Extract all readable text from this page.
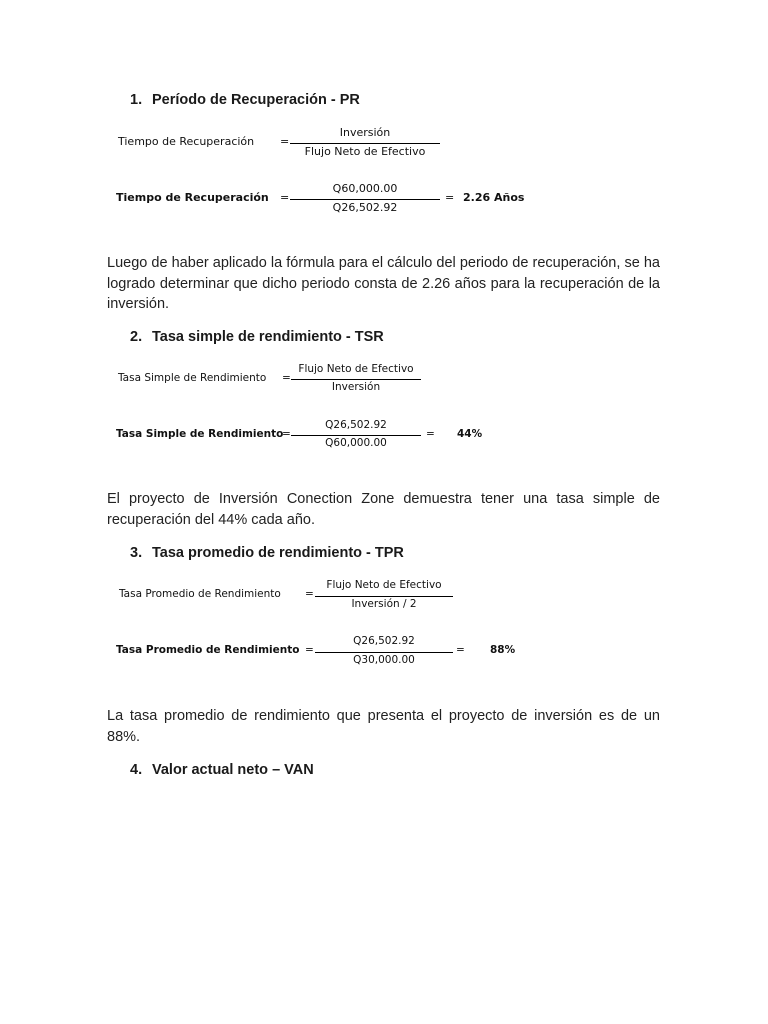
1. Período de Recuperación - PR
Tiempo de Recuperación =
Inversión
Flujo Neto de Efectivo
Tiempo de Recuperación =
Q60,000.00
Q26,502.92
= 2.26 Años
Luego de haber aplicado la fórmula para el cálculo del periodo de recuperación, se ha logrado determinar que dicho periodo consta de 2.26 años para la recuperación de la inversión.
2. Tasa simple de rendimiento - TSR
Tasa Simple de Rendimiento =
Flujo Neto de Efectivo
Inversión
Tasa Simple de Rendimiento
=
Q26,502.92
Q60,000.00
= 44%
El proyecto de Inversión Conection Zone demuestra tener una tasa simple de recuperación del 44% cada año.
3. Tasa promedio de rendimiento - TPR
Tasa Promedio de Rendimiento =
Flujo Neto de Efectivo
Inversión / 2
Tasa Promedio de Rendimiento =
Q26,502.92
Q30,000.00
= 88%
La tasa promedio de rendimiento que presenta el proyecto de inversión es de un 88%.
4. Valor actual neto – VAN
